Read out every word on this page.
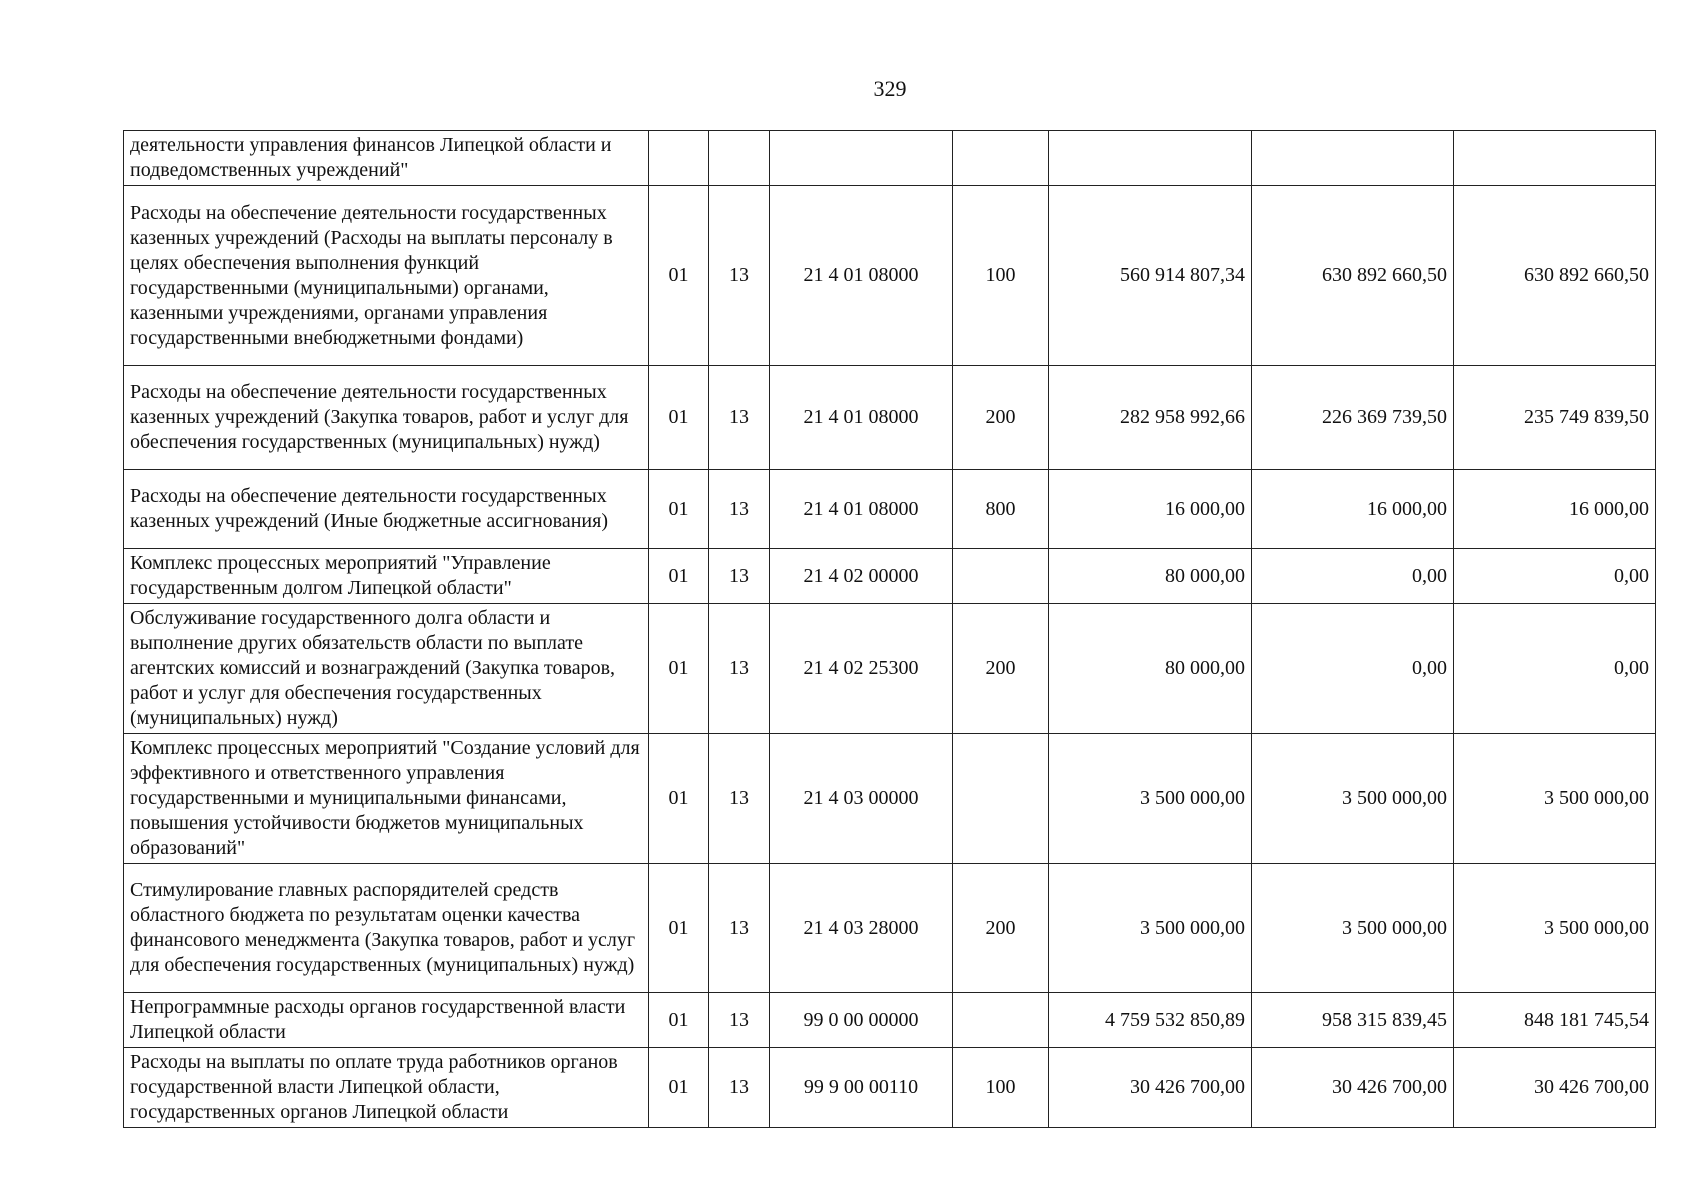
329
деятельности управления финансов Липецкой области и подведомственных учреждений"							
Расходы на обеспечение деятельности государственных казенных учреждений (Расходы на выплаты персоналу в целях обеспечения выполнения функций государственными (муниципальными) органами, казенными учреждениями, органами управления государственными внебюджетными фондами)	01	13	21 4 01 08000	100	560 914 807,34	630 892 660,50	630 892 660,50
Расходы на обеспечение деятельности государственных казенных учреждений (Закупка товаров, работ и услуг для обеспечения государственных (муниципальных) нужд)	01	13	21 4 01 08000	200	282 958 992,66	226 369 739,50	235 749 839,50
Расходы на обеспечение деятельности государственных казенных учреждений (Иные бюджетные ассигнования)	01	13	21 4 01 08000	800	16 000,00	16 000,00	16 000,00
Комплекс процессных мероприятий "Управление государственным долгом Липецкой области"	01	13	21 4 02 00000		80 000,00	0,00	0,00
Обслуживание государственного долга области и выполнение других обязательств области по выплате агентских комиссий и вознаграждений (Закупка товаров, работ и услуг для обеспечения государственных (муниципальных) нужд)	01	13	21 4 02 25300	200	80 000,00	0,00	0,00
Комплекс процессных мероприятий "Создание условий для эффективного и ответственного управления государственными и муниципальными финансами, повышения устойчивости бюджетов муниципальных образований"	01	13	21 4 03 00000		3 500 000,00	3 500 000,00	3 500 000,00
Стимулирование главных распорядителей средств областного бюджета по результатам оценки качества финансового менеджмента (Закупка товаров, работ и услуг для обеспечения государственных (муниципальных) нужд)	01	13	21 4 03 28000	200	3 500 000,00	3 500 000,00	3 500 000,00
Непрограммные расходы органов государственной власти Липецкой области	01	13	99 0 00 00000		4 759 532 850,89	958 315 839,45	848 181 745,54
Расходы на выплаты по оплате труда работников органов государственной власти Липецкой области, государственных органов Липецкой области	01	13	99 9 00 00110	100	30 426 700,00	30 426 700,00	30 426 700,00
